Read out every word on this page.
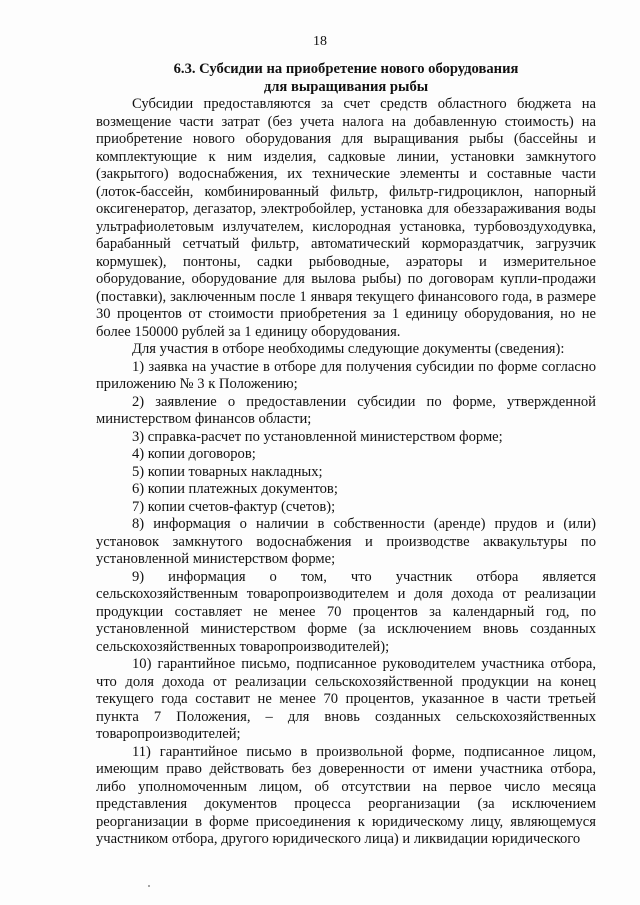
18
6.3. Субсидии на приобретение нового оборудования
для выращивания рыбы

Субсидии предоставляются за счет средств областного бюджета на возмещение части затрат (без учета налога на добавленную стоимость) на приобретение нового оборудования для выращивания рыбы (бассейны и комплектующие к ним изделия, садковые линии, установки замкнутого (закрытого) водоснабжения, их технические элементы и составные части (лоток-бассейн, комбинированный фильтр, фильтр-гидроциклон, напорный оксигенератор, дегазатор, электробойлер, установка для обеззараживания воды ультрафиолетовым излучателем, кислородная установка, турбовоздуходувка, барабанный сетчатый фильтр, автоматический кормораздатчик, загрузчик кормушек), понтоны, садки рыбоводные, аэраторы и измерительное оборудование, оборудование для вылова рыбы) по договорам купли-продажи (поставки), заключенным после 1 января текущего финансового года, в размере 30 процентов от стоимости приобретения за 1 единицу оборудования, но не более 150000 рублей за 1 единицу оборудования.

Для участия в отборе необходимы следующие документы (сведения):

1) заявка на участие в отборе для получения субсидии по форме согласно приложению № 3 к Положению;

2) заявление о предоставлении субсидии по форме, утвержденной министерством финансов области;

3) справка-расчет по установленной министерством форме;

4) копии договоров;

5) копии товарных накладных;

6) копии платежных документов;

7) копии счетов-фактур (счетов);

8) информация о наличии в собственности (аренде) прудов и (или) установок замкнутого водоснабжения и производстве аквакультуры по установленной министерством форме;

9) информация о том, что участник отбора является сельскохозяйственным товаропроизводителем и доля дохода от реализации продукции составляет не менее 70 процентов за календарный год, по установленной министерством форме (за исключением вновь созданных сельскохозяйственных товаропроизводителей);

10) гарантийное письмо, подписанное руководителем участника отбора, что доля дохода от реализации сельскохозяйственной продукции на конец текущего года составит не менее 70 процентов, указанное в части третьей пункта 7 Положения, – для вновь созданных сельскохозяйственных товаропроизводителей;

11) гарантийное письмо в произвольной форме, подписанное лицом, имеющим право действовать без доверенности от имени участника отбора, либо уполномоченным лицом, об отсутствии на первое число месяца представления документов процесса реорганизации (за исключением реорганизации в форме присоединения к юридическому лицу, являющемуся участником отбора, другого юридического лица) и ликвидации юридического
